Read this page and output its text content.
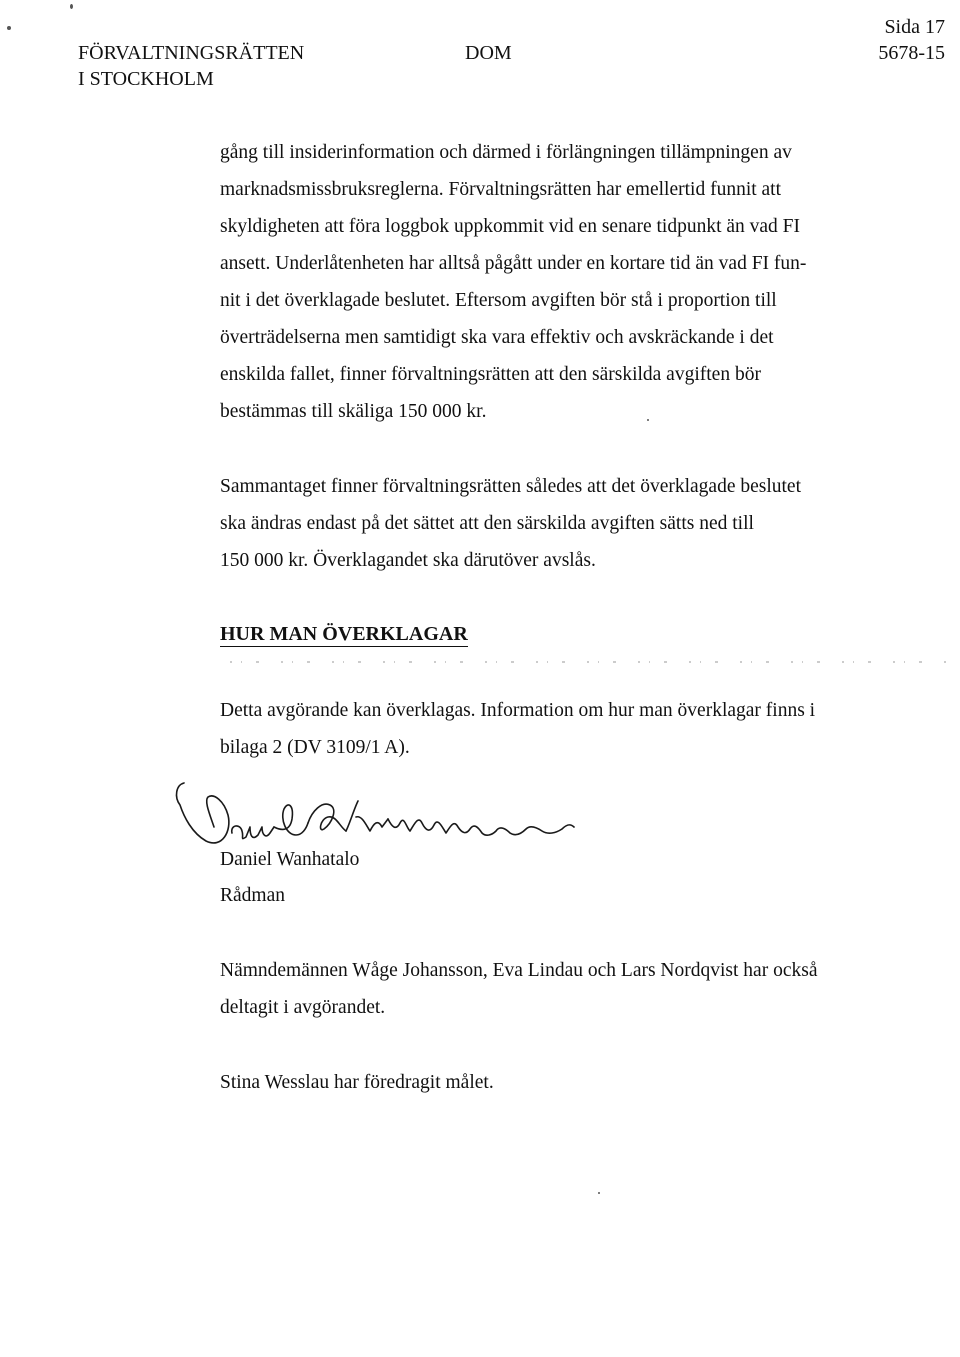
FÖRVALTNINGSRÄTTEN
I STOCKHOLM
DOM
Sida 17
5678-15
gång till insiderinformation och därmed i förlängningen tillämpningen av
marknadsmissbruksreglerna. Förvaltningsrätten har emellertid funnit att
skyldigheten att föra loggbok uppkommit vid en senare tidpunkt än vad FI
ansett. Underlåtenheten har alltså pågått under en kortare tid än vad FI fun-
nit i det överklagade beslutet. Eftersom avgiften bör stå i proportion till
överträdelserna men samtidigt ska vara effektiv och avskräckande i det
enskilda fallet, finner förvaltningsrätten att den särskilda avgiften bör
bestämmas till skäliga 150 000 kr.
Sammantaget finner förvaltningsrätten således att det överklagade beslutet
ska ändras endast på det sättet att den särskilda avgiften sätts ned till
150 000 kr. Överklagandet ska därutöver avslås.
HUR MAN ÖVERKLAGAR
Detta avgörande kan överklagas. Information om hur man överklagar finns i
bilaga 2 (DV 3109/1 A).
Daniel Wanhatalo
Rådman
Nämndemännen Wåge Johansson, Eva Lindau och Lars Nordqvist har också
deltagit i avgörandet.
Stina Wesslau har föredragit målet.
